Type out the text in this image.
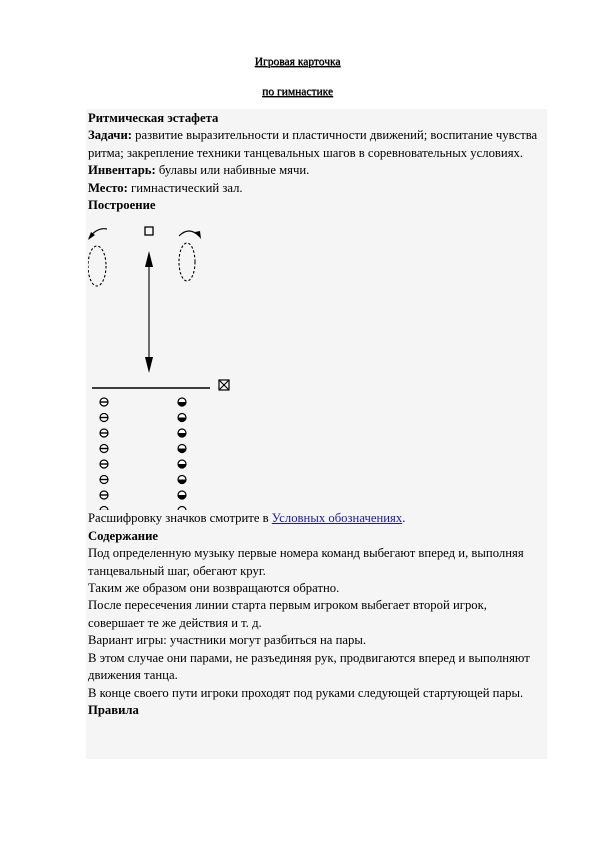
Игровая карточка
по гимнастике

Ритмическая эстафета

Задачи: развитие выразительности и пластичности движений; воспитание чувства ритма; закрепление техники танцевальных шагов в соревновательных условиях.

Инвентарь: булавы или набивные мячи.

Место: гимнастический зал.

Построение

Расшифровку значков смотрите в Условных обозначениях.

Содержание

Под определенную музыку первые номера команд выбегают вперед и, выполняя танцевальный шаг, обегают круг.

Таким же образом они возвращаются обратно.

После пересечения линии старта первым игроком выбегает второй игрок, совершает те же действия и т. д.

Вариант игры: участники могут разбиться на пары.

В этом случае они парами, не разъединяя рук, продвигаются вперед и выполняют движения танца.

В конце своего пути игроки проходят под руками следующей стартующей пары.

Правила
